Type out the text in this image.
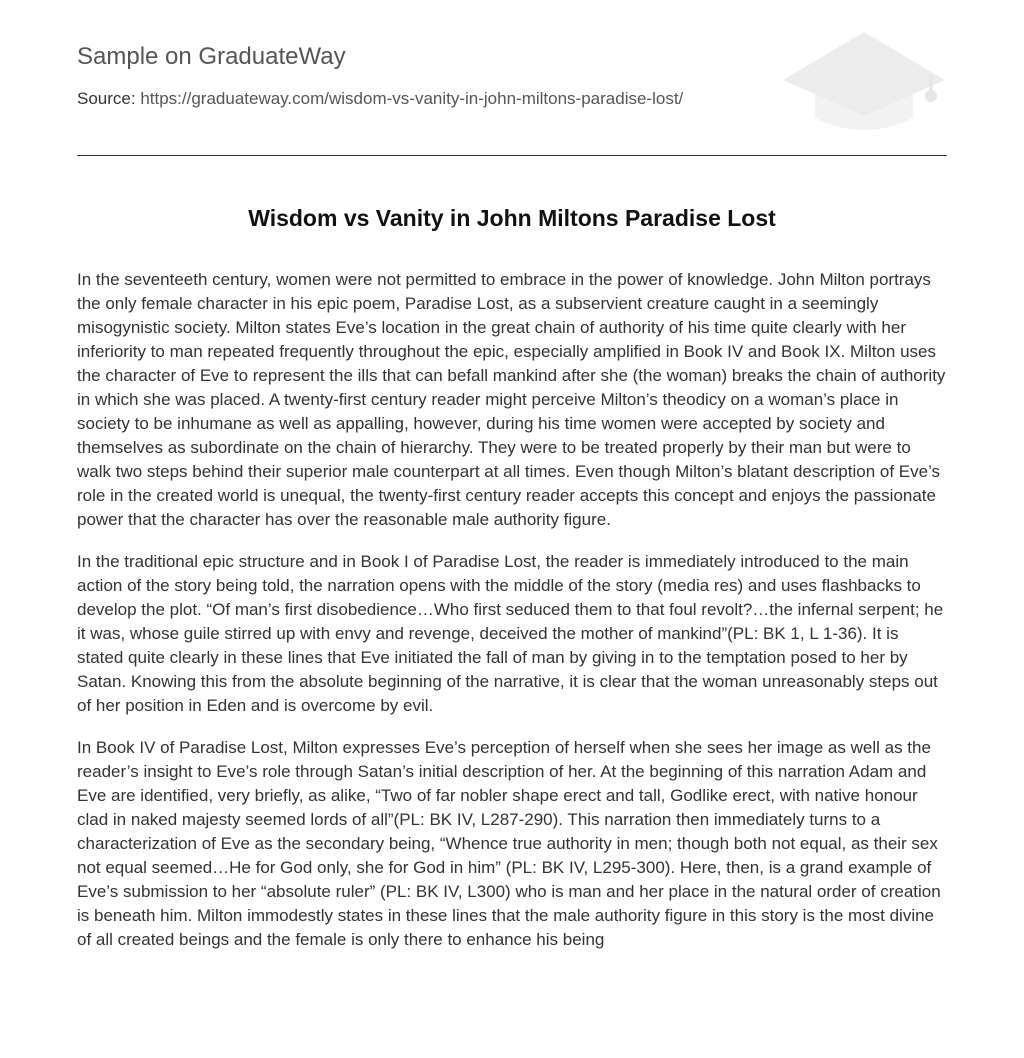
Sample on GraduateWay
Source: https://graduateway.com/wisdom-vs-vanity-in-john-miltons-paradise-lost/
Wisdom vs Vanity in John Miltons Paradise Lost

In the seventeeth century, women were not permitted to embrace in the power of knowledge. John Milton portrays the only female character in his epic poem, Paradise Lost, as a subservient creature caught in a seemingly misogynistic society. Milton states Eve’s location in the great chain of authority of his time quite clearly with her inferiority to man repeated frequently throughout the epic, especially amplified in Book IV and Book IX. Milton uses the character of Eve to represent the ills that can befall mankind after she (the woman) breaks the chain of authority in which she was placed. A twenty-first century reader might perceive Milton’s theodicy on a woman’s place in society to be inhumane as well as appalling, however, during his time women were accepted by society and themselves as subordinate on the chain of hierarchy. They were to be treated properly by their man but were to walk two steps behind their superior male counterpart at all times. Even though Milton’s blatant description of Eve’s role in the created world is unequal, the twenty-first century reader accepts this concept and enjoys the passionate power that the character has over the reasonable male authority figure.

In the traditional epic structure and in Book I of Paradise Lost, the reader is immediately introduced to the main action of the story being told, the narration opens with the middle of the story (media res) and uses flashbacks to develop the plot. “Of man’s first disobedience…Who first seduced them to that foul revolt?…the infernal serpent; he it was, whose guile stirred up with envy and revenge, deceived the mother of mankind”(PL: BK 1, L 1-36). It is stated quite clearly in these lines that Eve initiated the fall of man by giving in to the temptation posed to her by Satan. Knowing this from the absolute beginning of the narrative, it is clear that the woman unreasonably steps out of her position in Eden and is overcome by evil.

In Book IV of Paradise Lost, Milton expresses Eve’s perception of herself when she sees her image as well as the reader’s insight to Eve’s role through Satan’s initial description of her. At the beginning of this narration Adam and Eve are identified, very briefly, as alike, “Two of far nobler shape erect and tall, Godlike erect, with native honour clad in naked majesty seemed lords of all”(PL: BK IV, L287-290). This narration then immediately turns to a characterization of Eve as the secondary being, “Whence true authority in men; though both not equal, as their sex not equal seemed…He for God only, she for God in him” (PL: BK IV, L295-300). Here, then, is a grand example of Eve’s submission to her “absolute ruler” (PL: BK IV, L300) who is man and her place in the natural order of creation is beneath him. Milton immodestly states in these lines that the male authority figure in this story is the most divine of all created beings and the female is only there to enhance his being
